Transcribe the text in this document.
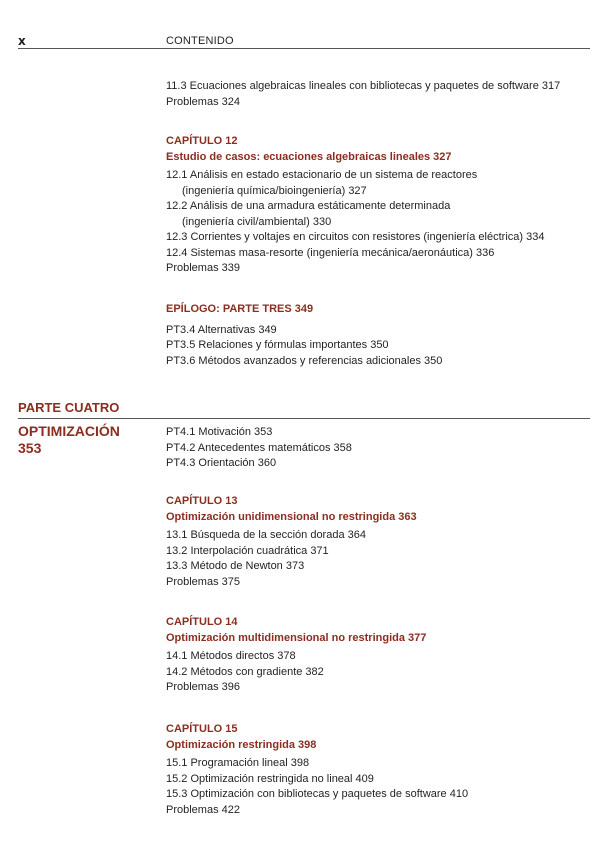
x	CONTENIDO
11.3 Ecuaciones algebraicas lineales con bibliotecas y paquetes de software 317
Problemas 324
CAPÍTULO 12
Estudio de casos: ecuaciones algebraicas lineales 327
12.1 Análisis en estado estacionario de un sistema de reactores
(ingeniería química/bioingeniería) 327
12.2 Análisis de una armadura estáticamente determinada
(ingeniería civil/ambiental) 330
12.3 Corrientes y voltajes en circuitos con resistores (ingeniería eléctrica) 334
12.4 Sistemas masa-resorte (ingeniería mecánica/aeronáutica) 336
Problemas 339
EPÍLOGO: PARTE TRES 349
PT3.4 Alternativas 349
PT3.5 Relaciones y fórmulas importantes 350
PT3.6 Métodos avanzados y referencias adicionales 350
PARTE CUATRO
OPTIMIZACIÓN
353
PT4.1 Motivación 353
PT4.2 Antecedentes matemáticos 358
PT4.3 Orientación 360
CAPÍTULO 13
Optimización unidimensional no restringida 363
13.1 Búsqueda de la sección dorada 364
13.2 Interpolación cuadrática 371
13.3 Método de Newton 373
Problemas 375
CAPÍTULO 14
Optimización multidimensional no restringida 377
14.1 Métodos directos 378
14.2 Métodos con gradiente 382
Problemas 396
CAPÍTULO 15
Optimización restringida 398
15.1 Programación lineal 398
15.2 Optimización restringida no lineal 409
15.3 Optimización con bibliotecas y paquetes de software 410
Problemas 422
